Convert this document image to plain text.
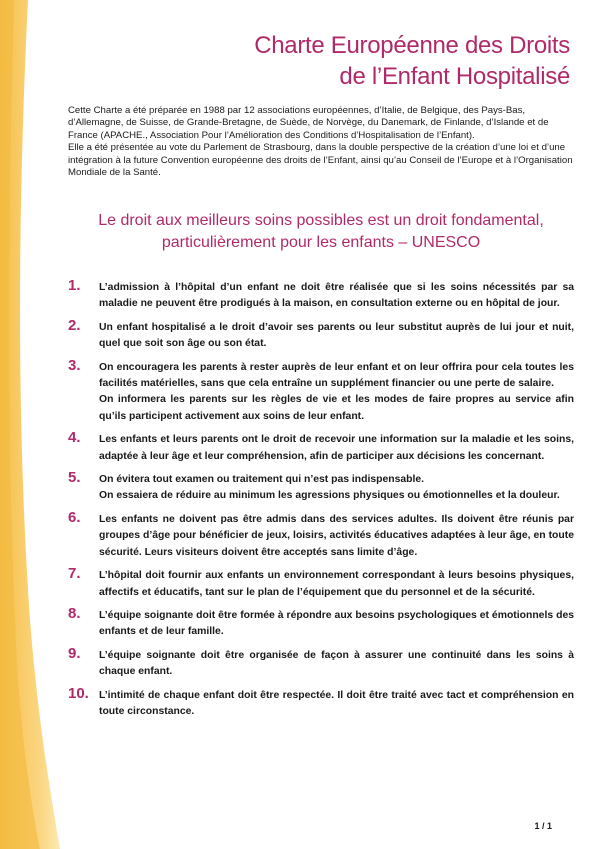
Charte Européenne des Droits
de l’Enfant Hospitalisé

Cette Charte a été préparée en 1988 par 12 associations européennes, d’Italie, de Belgique, des Pays-Bas, d’Allemagne, de Suisse, de Grande-Bretagne, de Suède, de Norvège, du Danemark, de Finlande, d’Islande et de France (APACHE., Association Pour l’Amélioration des Conditions d’Hospitalisation de l’Enfant).

Elle a été présentée au vote du Parlement de Strasbourg, dans la double perspective de la création d’une loi et d’une intégration à la future Convention européenne des droits de l’Enfant, ainsi qu’au Conseil de l’Europe et à l’Organisation Mondiale de la Santé.

Le droit aux meilleurs soins possibles est un droit fondamental,
particulièrement pour les enfants – UNESCO
1.	L’admission à l’hôpital d’un enfant ne doit être réalisée que si les soins nécessités par sa maladie ne peuvent être prodigués à la maison, en consultation externe ou en hôpital de jour.

2.	Un enfant hospitalisé a le droit d’avoir ses parents ou leur substitut auprès de lui jour et nuit, quel que soit son âge ou son état.

3.	On encouragera les parents à rester auprès de leur enfant et on leur offrira pour cela toutes les facilités matérielles, sans que cela entraîne un supplément financier ou une perte de salaire.

On informera les parents sur les règles de vie et les modes de faire propres au service afin qu’ils participent activement aux soins de leur enfant.

4.	Les enfants et leurs parents ont le droit de recevoir une information sur la maladie et les soins, adaptée à leur âge et leur compréhension, afin de participer aux décisions les concernant.

5.	On évitera tout examen ou traitement qui n’est pas indispensable.

On essaiera de réduire au minimum les agressions physiques ou émotionnelles et la douleur.

6.	Les enfants ne doivent pas être admis dans des services adultes. Ils doivent être réunis par groupes d’âge pour bénéficier de jeux, loisirs, activités éducatives adaptées à leur âge, en toute sécurité. Leurs visiteurs doivent être acceptés sans limite d’âge.

7.	L’hôpital doit fournir aux enfants un environnement correspondant à leurs besoins physiques, affectifs et éducatifs, tant sur le plan de l’équipement que du personnel et de la sécurité.

8.	L’équipe soignante doit être formée à répondre aux besoins psychologiques et émotionnels des enfants et de leur famille.

9.	L’équipe soignante doit être organisée de façon à assurer une continuité dans les soins à chaque enfant.

10. L’intimité de chaque enfant doit être respectée. Il doit être traité avec tact et compréhension en toute circonstance.

1 / 1
